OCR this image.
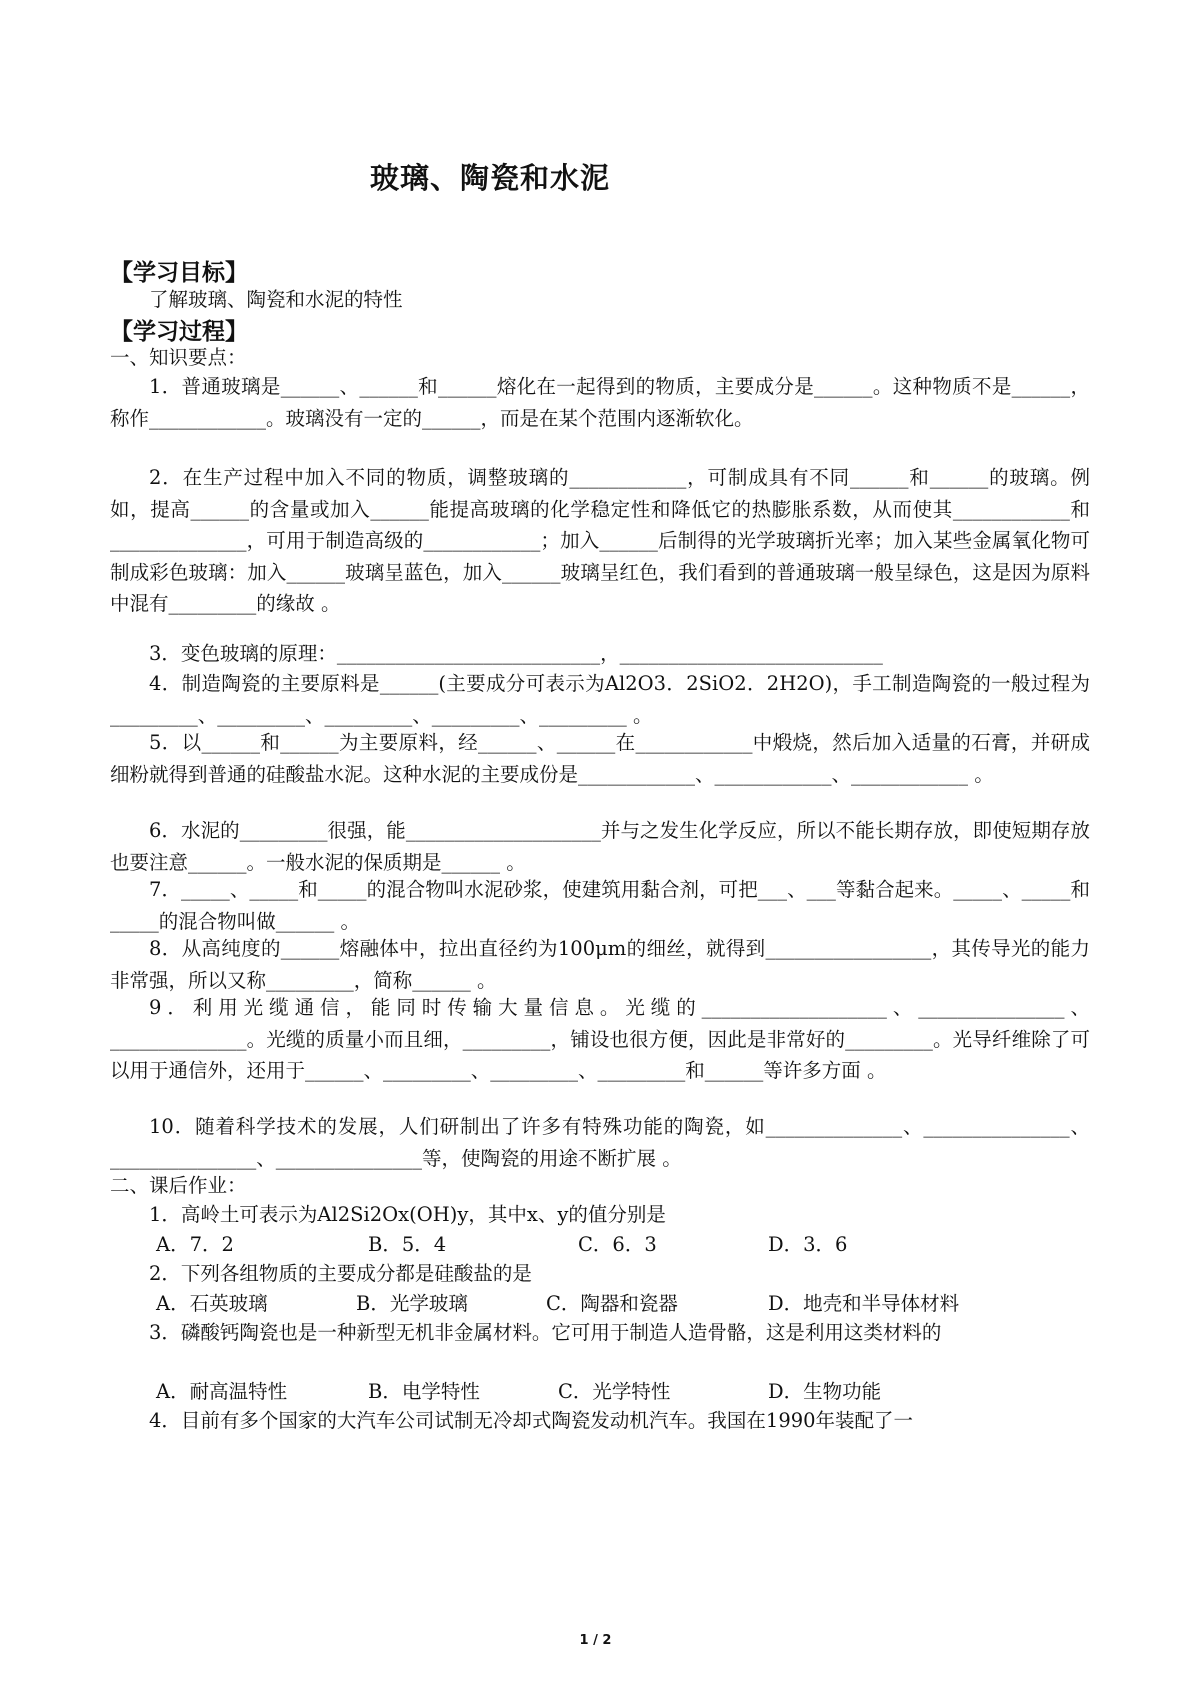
玻璃、陶瓷和水泥
【学习目标】
了解玻璃、陶瓷和水泥的特性
【学习过程】
一、知识要点：
1．普通玻璃是______、______和______熔化在一起得到的物质，主要成分是______。这种物质不是______，称作____________。玻璃没有一定的______，而是在某个范围内逐渐软化。
2．在生产过程中加入不同的物质，调整玻璃的____________，可制成具有不同______和______的玻璃。例如，提高______的含量或加入______能提高玻璃的化学稳定性和降低它的热膨胀系数，从而使其____________和______________，可用于制造高级的____________；加入______后制得的光学玻璃折光率；加入某些金属氧化物可制成彩色玻璃：加入______玻璃呈蓝色，加入______玻璃呈红色，我们看到的普通玻璃一般呈绿色，这是因为原料中混有_________的缘故 。
3．变色玻璃的原理：___________________________，___________________________
4．制造陶瓷的主要原料是______(主要成分可表示为Al2O3．2SiO2．2H2O)，手工制造陶瓷的一般过程为 _________、_________、_________、_________、_________ 。
5．以______和______为主要原料，经______、______在____________中煅烧，然后加入适量的石膏，并研成细粉就得到普通的硅酸盐水泥。这种水泥的主要成份是____________、____________、____________ 。
6．水泥的_________很强，能____________________并与之发生化学反应，所以不能长期存放，即使短期存放也要注意______。一般水泥的保质期是______ 。
7．_____、_____和_____的混合物叫水泥砂浆，使建筑用黏合剂，可把___、___等黏合起来。_____、_____和_____的混合物叫做______ 。
8．从高纯度的______熔融体中，拉出直径约为100μm的细丝，就得到_________________，其传导光的能力非常强，所以又称_________，简称______ 。
9．利用光缆通信，能同时传输大量信息。光缆的___________________、_______________、______________。光缆的质量小而且细，_________，铺设也很方便，因此是非常好的_________。光导纤维除了可以用于通信外，还用于______、_________、_________、_________和______等许多方面 。
10．随着科学技术的发展，人们研制出了许多有特殊功能的陶瓷，如______________、_______________、_______________、_______________等，使陶瓷的用途不断扩展 。
二、课后作业：
1．高岭土可表示为Al2Si2Ox(OH)y，其中x、y的值分别是
A．7．2	B．5．4	C．6．3	D．3．6
2．下列各组物质的主要成分都是硅酸盐的是
A．石英玻璃	B．光学玻璃	C．陶器和瓷器	D．地壳和半导体材料
3．磷酸钙陶瓷也是一种新型无机非金属材料。它可用于制造人造骨骼，这是利用这类材料的
A．耐高温特性	B．电学特性	C．光学特性	D．生物功能
4．目前有多个国家的大汽车公司试制无冷却式陶瓷发动机汽车。我国在1990年装配了一
1 / 2
